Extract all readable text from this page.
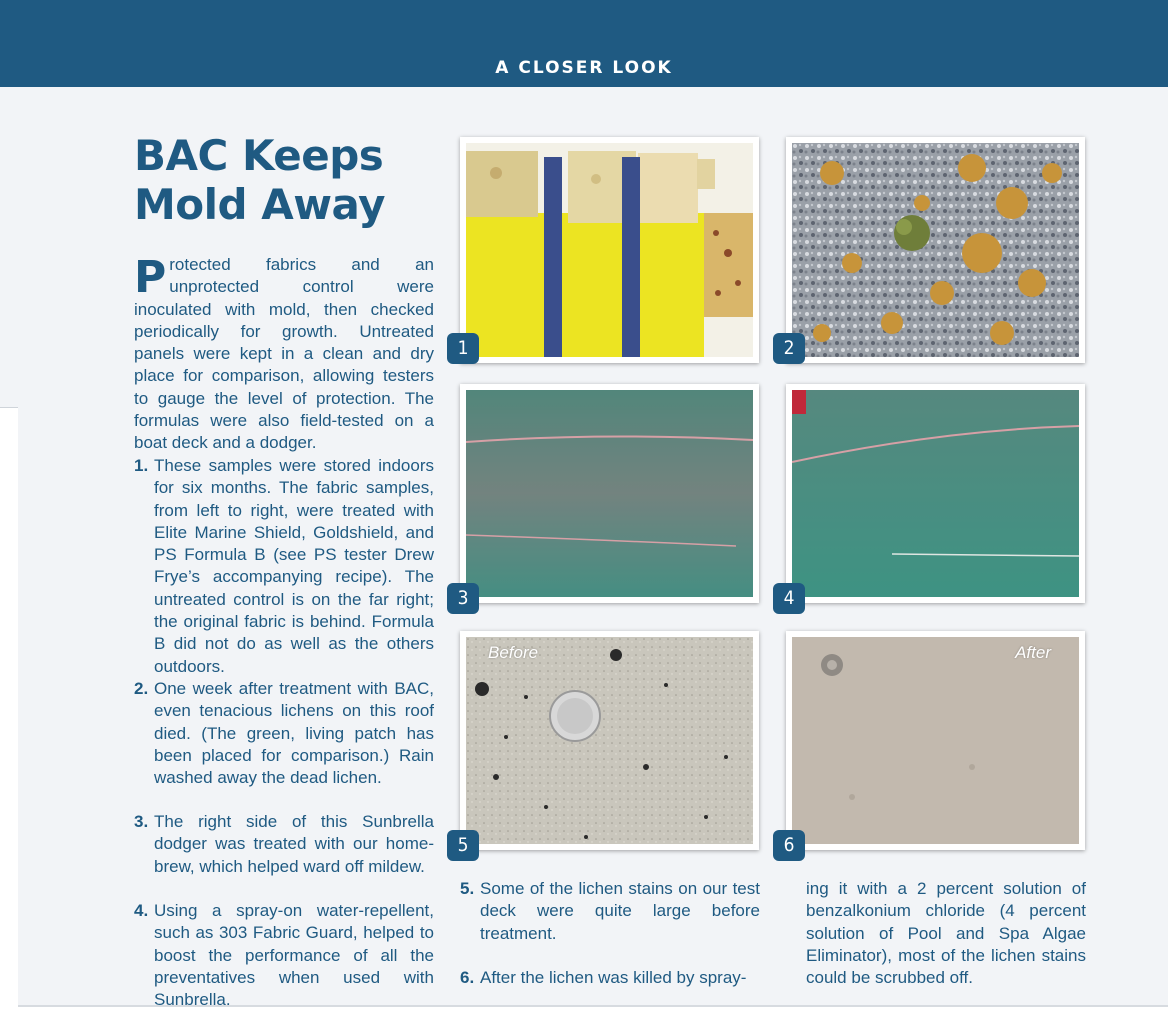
A CLOSER LOOK
BAC Keeps Mold Away

Protected fabrics and an unprotected control were inoculated with mold, then checked periodically for growth. Untreated panels were kept in a clean and dry place for comparison, allowing testers to gauge the level of protection. The formulas were also field-tested on a boat deck and a dodger.

1. These samples were stored indoors for six months. The fabric samples, from left to right, were treated with Elite Marine Shield, Goldshield, and PS Formula B (see PS tester Drew Frye’s accompanying recipe). The untreated control is on the far right; the original fabric is behind. Formula B did not do as well as the others outdoors.
2. One week after treatment with BAC, even tenacious lichens on this roof died. (The green, living patch has been placed for comparison.) Rain washed away the dead lichen.
3. The right side of this Sunbrella dodger was treated with our home-brew, which helped ward off mildew.
4. Using a spray-on water-repellent, such as 303 Fabric Guard, helped to boost the performance of all the preventatives when used with Sunbrella.
5. Some of the lichen stains on our test deck were quite large before treatment.
6. After the lichen was killed by spray-
ing it with a 2 percent solution of benzalkonium chloride (4 percent solution of Pool and Spa Algae Eliminator), most of the lichen stains could be scrubbed off.
Before	After
1	2
3	4
5	6
